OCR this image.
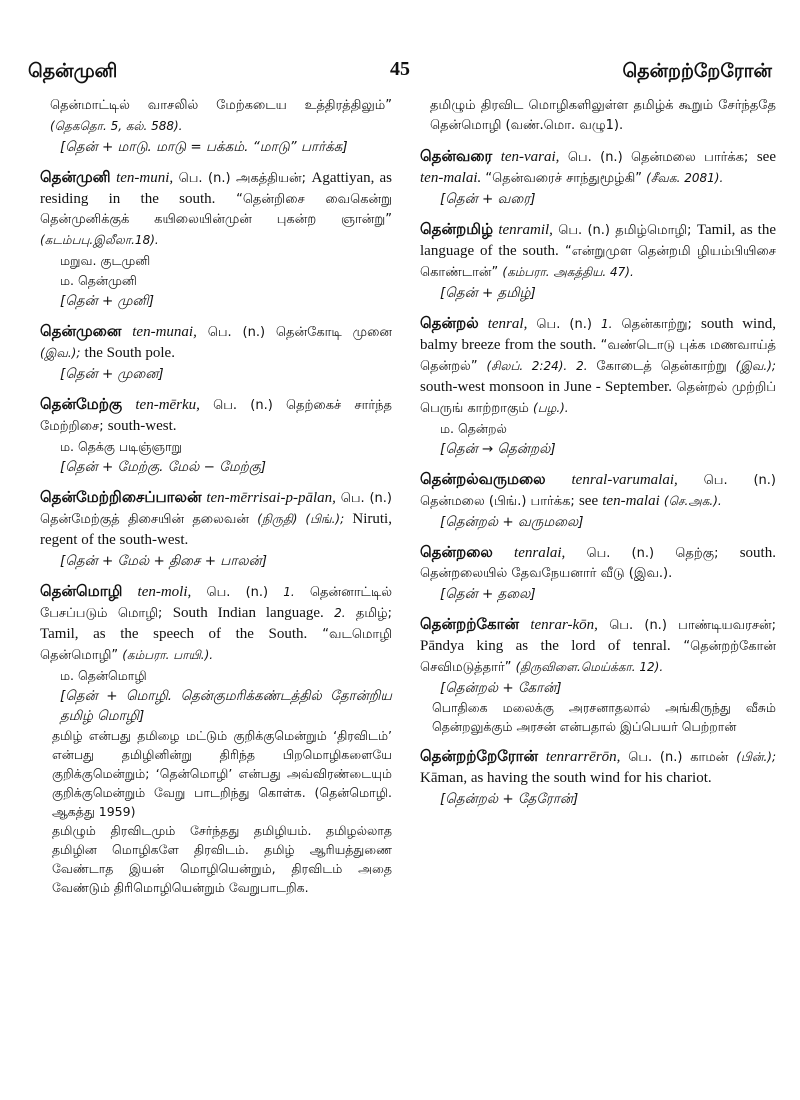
தென்முனி	45	தென்றற்றேரோன்

தென்மாட்டில் வாசலில் மேற்கடைய உத்திரத்திலும்” (தெகதொ. 5, கல். 588).

[தென் + மாடு. மாடு = பக்கம். “மாடு” பார்க்க]

தென்முனி ten-muni, பெ. (n.) அகத்தியன்; Agattiyan, as residing in the south. “தென்றிசை வைகென்று தென்முனிக்குக் கயிலையின்முன் புகன்ற ஞான்று” (கடம்பபு.இலீலா.18).

மறுவ. குடமுனி

ம. தென்முனி

[தென் + முனி]

தென்முனை ten-munai, பெ. (n.) தென்கோடி முனை (இவ.); the South pole.

[தென் + முனை]

தென்மேற்கு ten-mērku, பெ. (n.) தெற்கைச் சார்ந்த மேற்றிசை; south-west.

ம. தெக்கு படிஞ்ஞாறு

[தென் + மேற்கு. மேல் − மேற்கு]

தென்மேற்றிசைப்பாலன் ten-mērrisai-p-pālan, பெ. (n.) தென்மேற்குத் திசையின் தலைவன் (நிருதி) (பிங்.); Niruti, regent of the south-west.

[தென் + மேல் + திசை + பாலன்]

தென்மொழி ten-moli, பெ. (n.) 1. தென்னாட்டில் பேசப்படும் மொழி; South Indian language. 2. தமிழ்; Tamil, as the speech of the South. “வடமொழி தென்மொழி” (கம்பரா. பாயி.).

ம. தென்மொழி

[தென் + மொழி. தென்குமரிக்கண்டத்தில் தோன்றிய தமிழ் மொழி]

தமிழ் என்பது தமிழை மட்டும் குறிக்குமென்றும் ‘திரவிடம்’ என்பது தமிழினின்று திரிந்த பிறமொழிகளையே குறிக்குமென்றும்; ‘தென்மொழி’ என்பது அவ்விரண்டையும் குறிக்குமென்றும் வேறு பாடறிந்து கொள்க. (தென்மொழி. ஆகத்து 1959)

தமிழும் திரவிடமும் சேர்ந்தது தமிழியம். தமிழல்லாத தமிழின மொழிகளே திரவிடம். தமிழ் ஆரியத்துணை வேண்டாத இயன் மொழியென்றும், திரவிடம் அதை வேண்டும் திரிமொழியென்றும் வேறுபாடறிக.

தமிழும் திரவிட மொழிகளிலுள்ள தமிழ்க் கூறும் சேர்ந்ததே தென்மொழி (வண்.மொ. வழு1).

தென்வரை ten-varai, பெ. (n.) தென்மலை பார்க்க; see ten-malai. “தென்வரைச் சாந்துமூழ்கி” (சீவக. 2081).

[தென் + வரை]

தென்றமிழ் tenramil, பெ. (n.) தமிழ்மொழி; Tamil, as the language of the south. “என்றுமுள தென்றமி ழியம்பியிசை கொண்டான்” (கம்பரா. அகத்திய. 47).

[தென் + தமிழ்]

தென்றல் tenral, பெ. (n.) 1. தென்காற்று; south wind, balmy breeze from the south. “வண்டொடு புக்க மணவாய்த் தென்றல்” (சிலப். 2:24). 2. கோடைத் தென்காற்று (இவ.); south-west monsoon in June - September. தென்றல் முற்றிப் பெருங் காற்றாகும் (பழ.).

ம. தென்றல்

[தென் → தென்றல்]

தென்றல்வருமலை tenral-varumalai, பெ. (n.) தென்மலை (பிங்.) பார்க்க; see ten-malai (செ.அக.).

[தென்றல் + வருமலை]

தென்றலை tenralai, பெ. (n.) தெற்கு; south. தென்றலையில் தேவநேயனார் வீடு (இவ.).

[தென் + தலை]

தென்றற்கோன் tenrar-kōn, பெ. (n.) பாண்டியவரசன்; Pāndya king as the lord of tenral. “தென்றற்கோன் செவிமடுத்தார்” (திருவிளை.மெய்க்கா. 12).

[தென்றல் + கோன்]

பொதிகை மலைக்கு அரசனாதலால் அங்கிருந்து வீசும் தென்றலுக்கும் அரசன் என்பதால் இப்பெயர் பெற்றான்

தென்றற்றேரோன் tenrarrērōn, பெ. (n.) காமன் (பின்.); Kāman, as having the south wind for his chariot.

[தென்றல் + தேரோன்]
